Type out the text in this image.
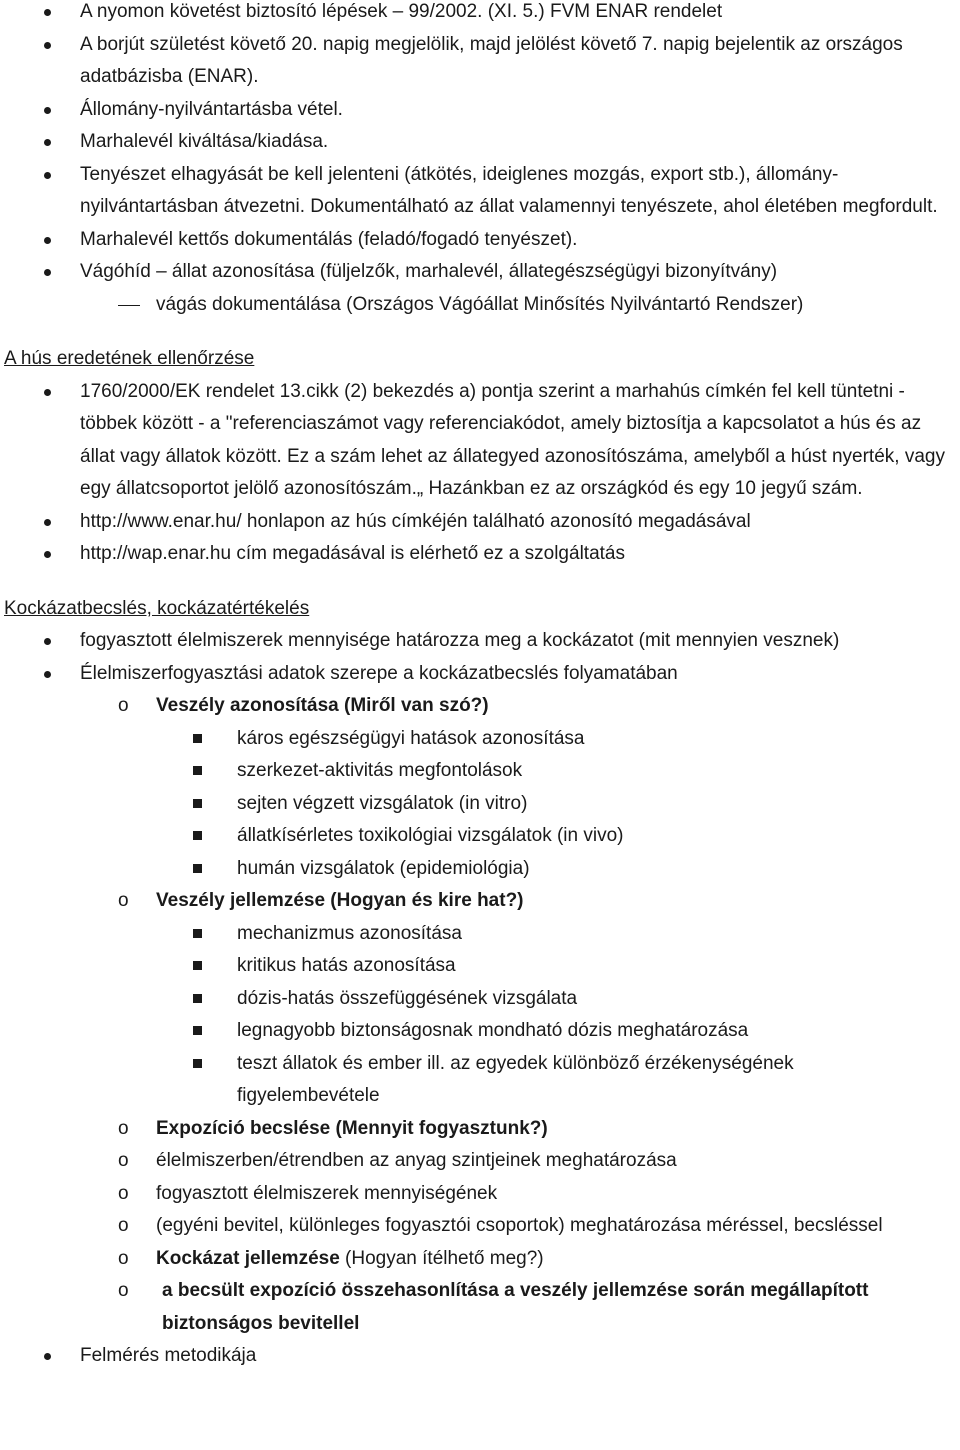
A nyomon követést biztosító lépések – 99/2002. (XI. 5.) FVM ENAR rendelet
A borjút születést követő 20. napig megjelölik, majd jelölést követő 7. napig bejelentik az országos adatbázisba (ENAR).
Állomány-nyilvántartásba vétel.
Marhalevél kiváltása/kiadása.
Tenyészet elhagyását be kell jelenteni (átkötés, ideiglenes mozgás, export stb.), állomány-nyilvántartásban átvezetni. Dokumentálható az állat valamennyi tenyészete, ahol életében megfordult.
Marhalevél kettős dokumentálás (feladó/fogadó tenyészet).
Vágóhíd – állat azonosítása (füljelzők, marhalevél, állategészségügyi bizonyítvány)
vágás dokumentálása (Országos Vágóállat Minősítés Nyilvántartó Rendszer)
A hús eredetének ellenőrzése
1760/2000/EK rendelet 13.cikk (2) bekezdés a) pontja szerint a marhahús címkén fel kell tüntetni - többek között - a "referenciaszámot vagy referenciakódot, amely biztosítja a kapcsolatot a hús és az állat vagy állatok között. Ez a szám lehet az állategyed azonosítószáma, amelyből a húst nyerték, vagy egy állatcsoportot jelölő azonosítószám.„ Hazánkban ez az országkód és egy 10 jegyű szám.
http://www.enar.hu/ honlapon az hús címkéjén található azonosító megadásával
http://wap.enar.hu cím megadásával is elérhető ez a szolgáltatás
Kockázatbecslés, kockázatértékelés
fogyasztott élelmiszerek mennyisége határozza meg a kockázatot (mit mennyien vesznek)
Élelmiszerfogyasztási adatok szerepe a kockázatbecslés folyamatában
o Veszély azonosítása (Miről van szó?)
káros egészségügyi hatások azonosítása
szerkezet-aktivitás megfontolások
sejten végzett vizsgálatok (in vitro)
állatkísérletes toxikológiai vizsgálatok (in vivo)
humán vizsgálatok (epidemiológia)
o Veszély jellemzése (Hogyan és kire hat?)
mechanizmus azonosítása
kritikus hatás azonosítása
dózis-hatás összefüggésének vizsgálata
legnagyobb biztonságosnak mondható dózis meghatározása
teszt állatok és ember ill. az egyedek különböző érzékenységének figyelembevétele
o Expozíció becslése (Mennyit fogyasztunk?)
o élelmiszerben/étrendben az anyag szintjeinek meghatározása
o fogyasztott élelmiszerek mennyiségének
o (egyéni bevitel, különleges fogyasztói csoportok) meghatározása méréssel, becsléssel
o Kockázat jellemzése (Hogyan ítélhető meg?)
o a becsült expozíció összehasonlítása a veszély jellemzése során megállapított biztonságos bevitellel
Felmérés metodikája
